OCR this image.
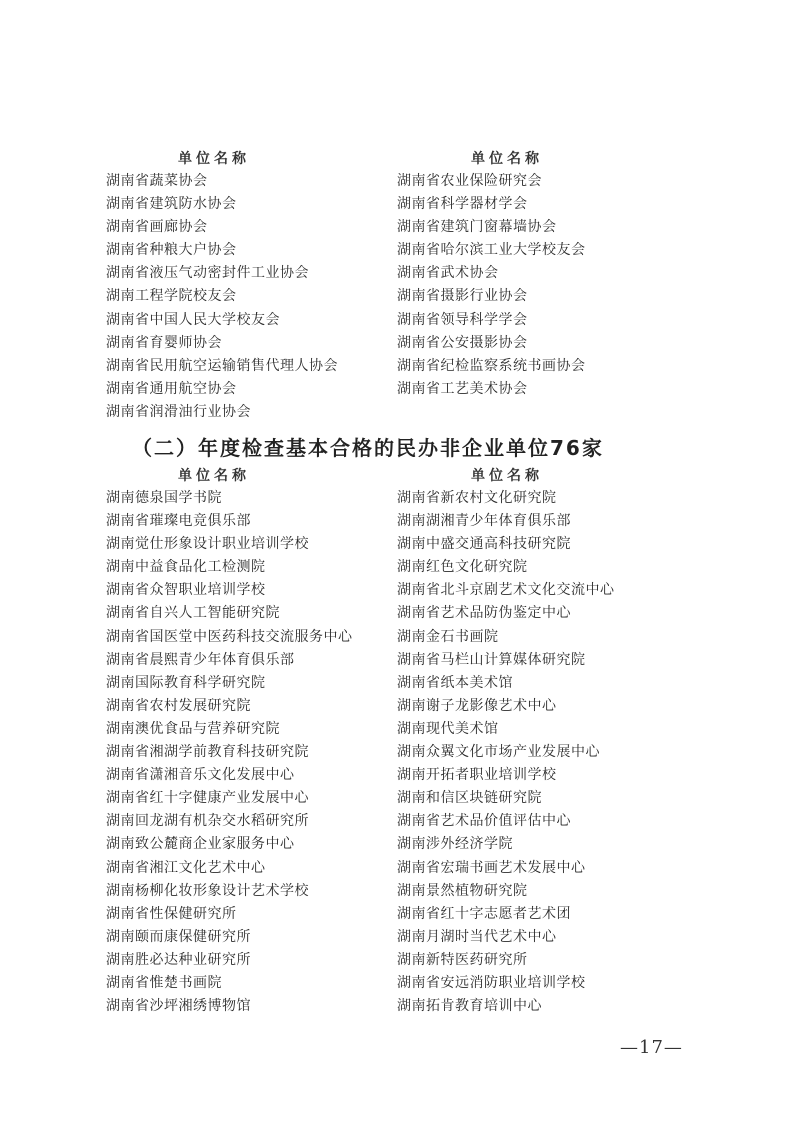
单位名称
湖南省蔬菜协会
湖南省建筑防水协会
湖南省画廊协会
湖南省种粮大户协会
湖南省液压气动密封件工业协会
湖南工程学院校友会
湖南省中国人民大学校友会
湖南省育婴师协会
湖南省民用航空运输销售代理人协会
湖南省通用航空协会
湖南省润滑油行业协会
单位名称
湖南省农业保险研究会
湖南省科学器材学会
湖南省建筑门窗幕墙协会
湖南省哈尔滨工业大学校友会
湖南省武术协会
湖南省摄影行业协会
湖南省领导科学学会
湖南省公安摄影协会
湖南省纪检监察系统书画协会
湖南省工艺美术协会
（二）年度检查基本合格的民办非企业单位76家
单位名称
湖南德泉国学书院
湖南省璀璨电竞俱乐部
湖南觉仕形象设计职业培训学校
湖南中益食品化工检测院
湖南省众智职业培训学校
湖南省自兴人工智能研究院
湖南省国医堂中医药科技交流服务中心
湖南省晨熙青少年体育俱乐部
湖南国际教育科学研究院
湖南省农村发展研究院
湖南澳优食品与营养研究院
湖南省湘湖学前教育科技研究院
湖南省潇湘音乐文化发展中心
湖南省红十字健康产业发展中心
湖南回龙湖有机杂交水稻研究所
湖南致公麓商企业家服务中心
湖南省湘江文化艺术中心
湖南杨柳化妆形象设计艺术学校
湖南省性保健研究所
湖南颐而康保健研究所
湖南胜必达种业研究所
湖南省惟楚书画院
湖南省沙坪湘绣博物馆
单位名称
湖南省新农村文化研究院
湖南湖湘青少年体育俱乐部
湖南中盛交通高科技研究院
湖南红色文化研究院
湖南省北斗京剧艺术文化交流中心
湖南省艺术品防伪鉴定中心
湖南金石书画院
湖南省马栏山计算媒体研究院
湖南省纸本美术馆
湖南谢子龙影像艺术中心
湖南现代美术馆
湖南众翼文化市场产业发展中心
湖南开拓者职业培训学校
湖南和信区块链研究院
湖南省艺术品价值评估中心
湖南涉外经济学院
湖南省宏瑞书画艺术发展中心
湖南景然植物研究院
湖南省红十字志愿者艺术团
湖南月湖时当代艺术中心
湖南新特医药研究所
湖南省安远消防职业培训学校
湖南拓肯教育培训中心
—17—
